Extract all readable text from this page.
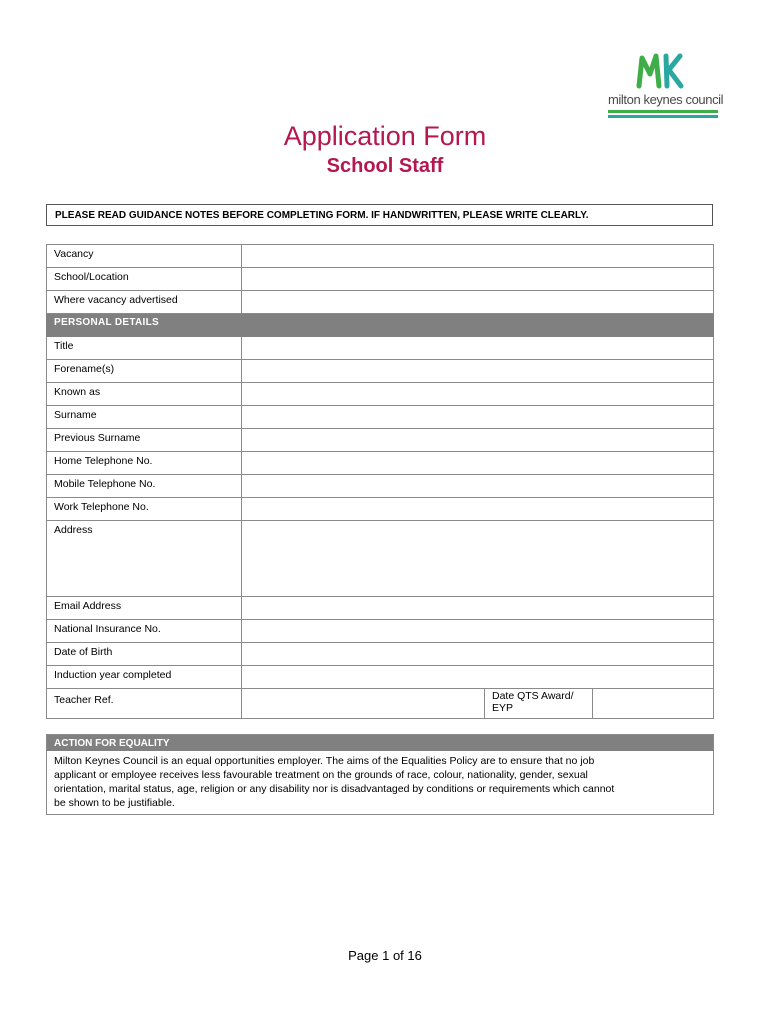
milton keynes council
Application Form
School Staff
PLEASE READ GUIDANCE NOTES BEFORE COMPLETING FORM. IF HANDWRITTEN, PLEASE WRITE CLEARLY.
Vacancy	
School/Location	
Where vacancy advertised	
PERSONAL DETAILS	
Title	
Forename(s)	
Known as	
Surname	
Previous Surname	
Home Telephone No.	
Mobile Telephone No.	
Work Telephone No.	
Address	
Email Address	
National Insurance No.	
Date of Birth	
Induction year completed	
Teacher Ref.		Date QTS Award/
EYP	
ACTION FOR EQUALITY
Milton Keynes Council is an equal opportunities employer. The aims of the Equalities Policy are to ensure that no job
applicant or employee receives less favourable treatment on the grounds of race, colour, nationality, gender, sexual
orientation, marital status, age, religion or any disability nor is disadvantaged by conditions or requirements which cannot
be shown to be justifiable.
Page 1 of 16
